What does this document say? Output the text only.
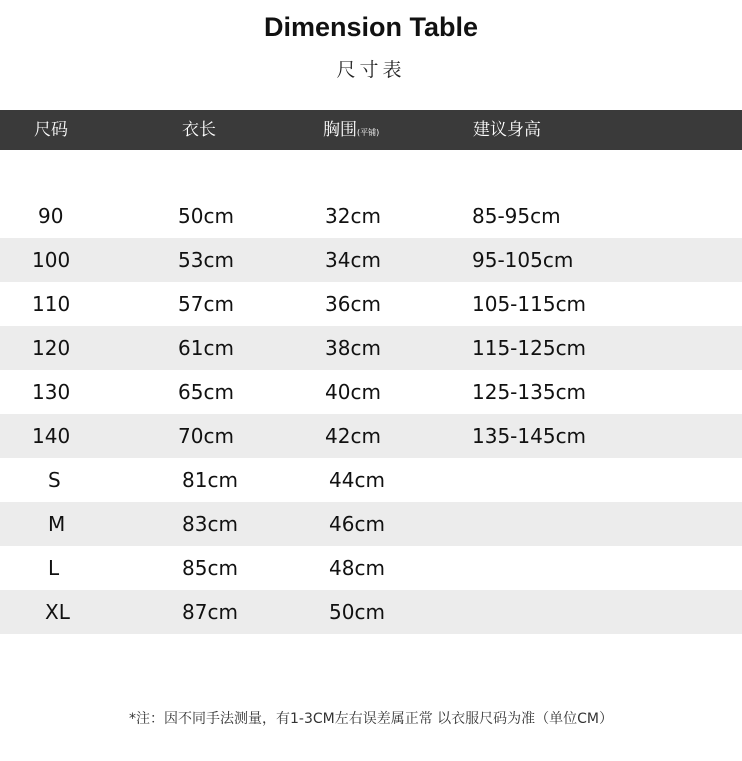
Dimension Table
尺寸表
尺码	衣长	胸围(平铺)	建议身高
90	50cm	32cm	85-95cm
100	53cm	34cm	95-105cm
110	57cm	36cm	105-115cm
120	61cm	38cm	115-125cm
130	65cm	40cm	125-135cm
140	70cm	42cm	135-145cm
S	81cm	44cm
M	83cm	46cm
L	85cm	48cm
XL	87cm	50cm
*注：因不同手法测量，有1-3CM左右误差属正常 以衣服尺码为准（单位CM）
